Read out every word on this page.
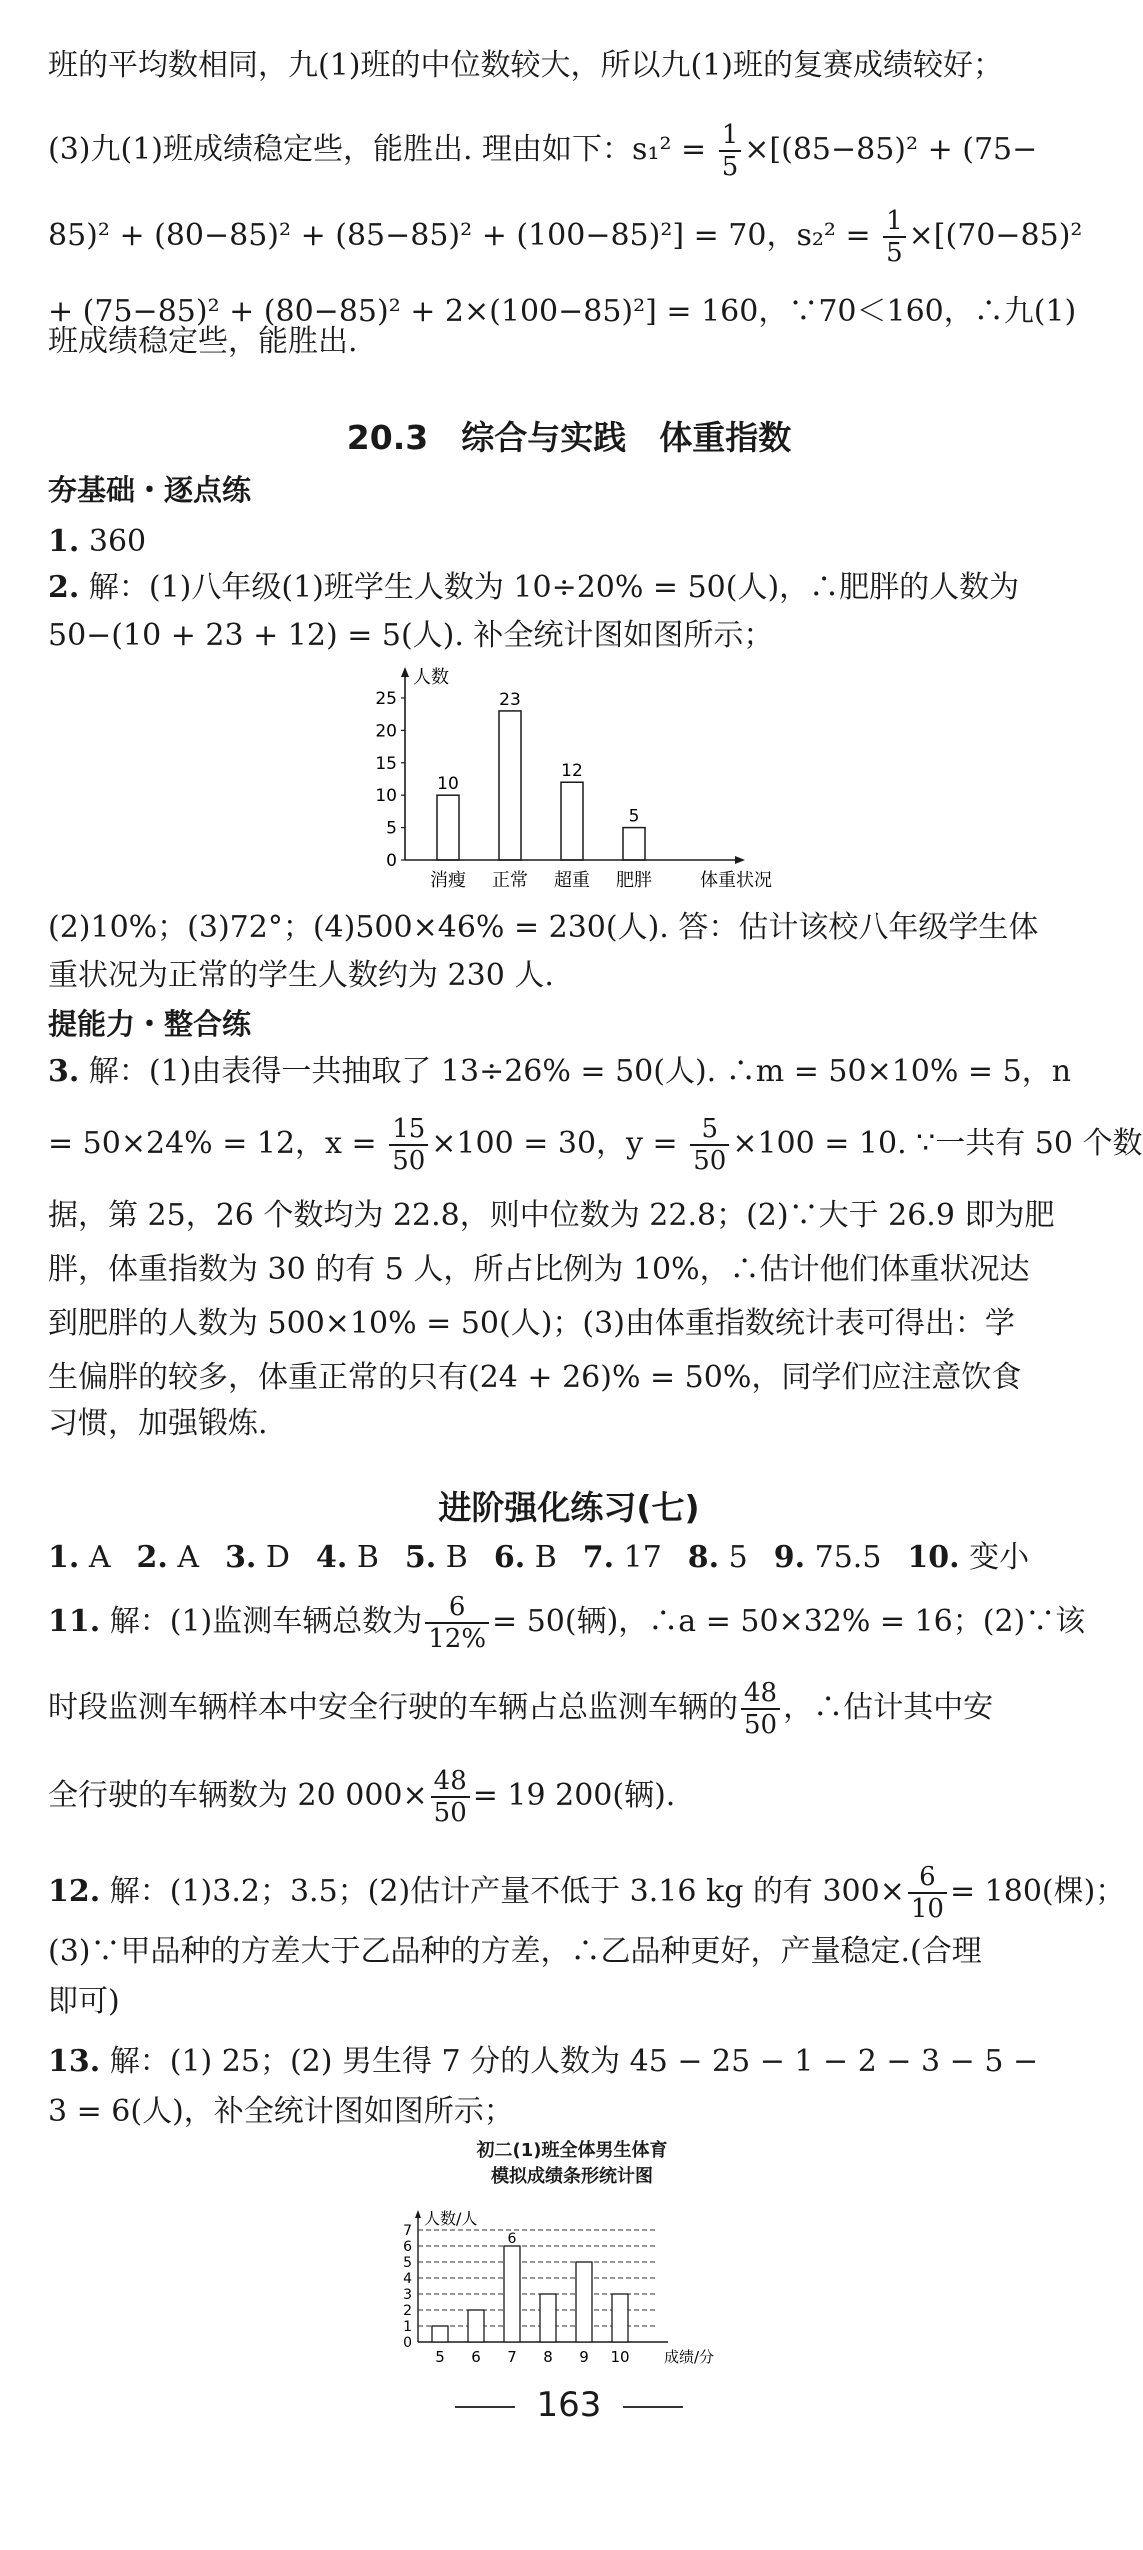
班的平均数相同，九(1)班的中位数较大，所以九(1)班的复赛成绩较好；
(3)九(1)班成绩稳定些，能胜出. 理由如下：$s_1^2 = \frac{1}{5} \times[(85-85)^2 + (75-$
85)² + (80−85)² + (85−85)² + (100−85)²] = 70，$s_2^2 = \frac{1}{5} \times[(70-85)^2$
+ (75−85)² + (80−85)² + 2×(100−85)²] = 160，∵70＜160，∴九(1)
班成绩稳定些，能胜出.
20.3　综合与实践　体重指数
夯基础・逐点练
1. 360
2. 解：(1)八年级(1)班学生人数为 10÷20% = 50(人)，∴肥胖的人数为
50−(10 + 23 + 12) = 5(人). 补全统计图如图所示；
人数
体重状况
0
5
10
15
20
25
10
消瘦
23
正常
12
超重
5
肥胖
(2)10%；(3)72°；(4)500×46% = 230(人). 答：估计该校八年级学生体
重状况为正常的学生人数约为 230 人.
提能力・整合练
3. 解：(1)由表得一共抽取了 13÷26% = 50(人). ∴m = 50×10% = 5，n
= 50×24% = 12，$x = \frac{15}{50} \times 100 = 30$，$y = \frac{5}{50} \times 100 = 10$. ∵一共有 50 个数
据，第 25，26 个数均为 22.8，则中位数为 22.8；(2)∵大于 26.9 即为肥
胖，体重指数为 30 的有 5 人，所占比例为 10%，∴估计他们体重状况达
到肥胖的人数为 500×10% = 50(人)；(3)由体重指数统计表可得出：学
生偏胖的较多，体重正常的只有(24 + 26)% = 50%，同学们应注意饮食
习惯，加强锻炼.
进阶强化练习(七)
1. A 2. A 3. D 4. B 5. B 6. B 7. 17 8. 5 9. 75.5 10. 变小
11. 解：(1)监测车辆总数为 $\frac{6}{12\%} = 50$(辆)，∴a = 50×32% = 16；(2)∵该
时段监测车辆样本中安全行驶的车辆占总监测车辆的 $\frac{48}{50}$ ，∴估计其中安
全行驶的车辆数为 20 $000\times \frac{48}{50} = 19$ 200(辆).
12. 解：(1)3.2；3.5；(2)估计产量不低于 3.16 kg 的有 $300\times \frac{6}{10} = 180$(棵)；
(3)∵甲品种的方差大于乙品种的方差，∴乙品种更好，产量稳定.(合理
即可)
13. 解：(1) 25；(2) 男生得 7 分的人数为 45 − 25 − 1 − 2 − 3 − 5 −
3 = 6(人)，补全统计图如图所示；
初二(1)班全体男生体育
模拟成绩条形统计图
人数/人
成绩/分
0
1
2
3
4
5
6
7
5 6 7
6
8 9 10
163
